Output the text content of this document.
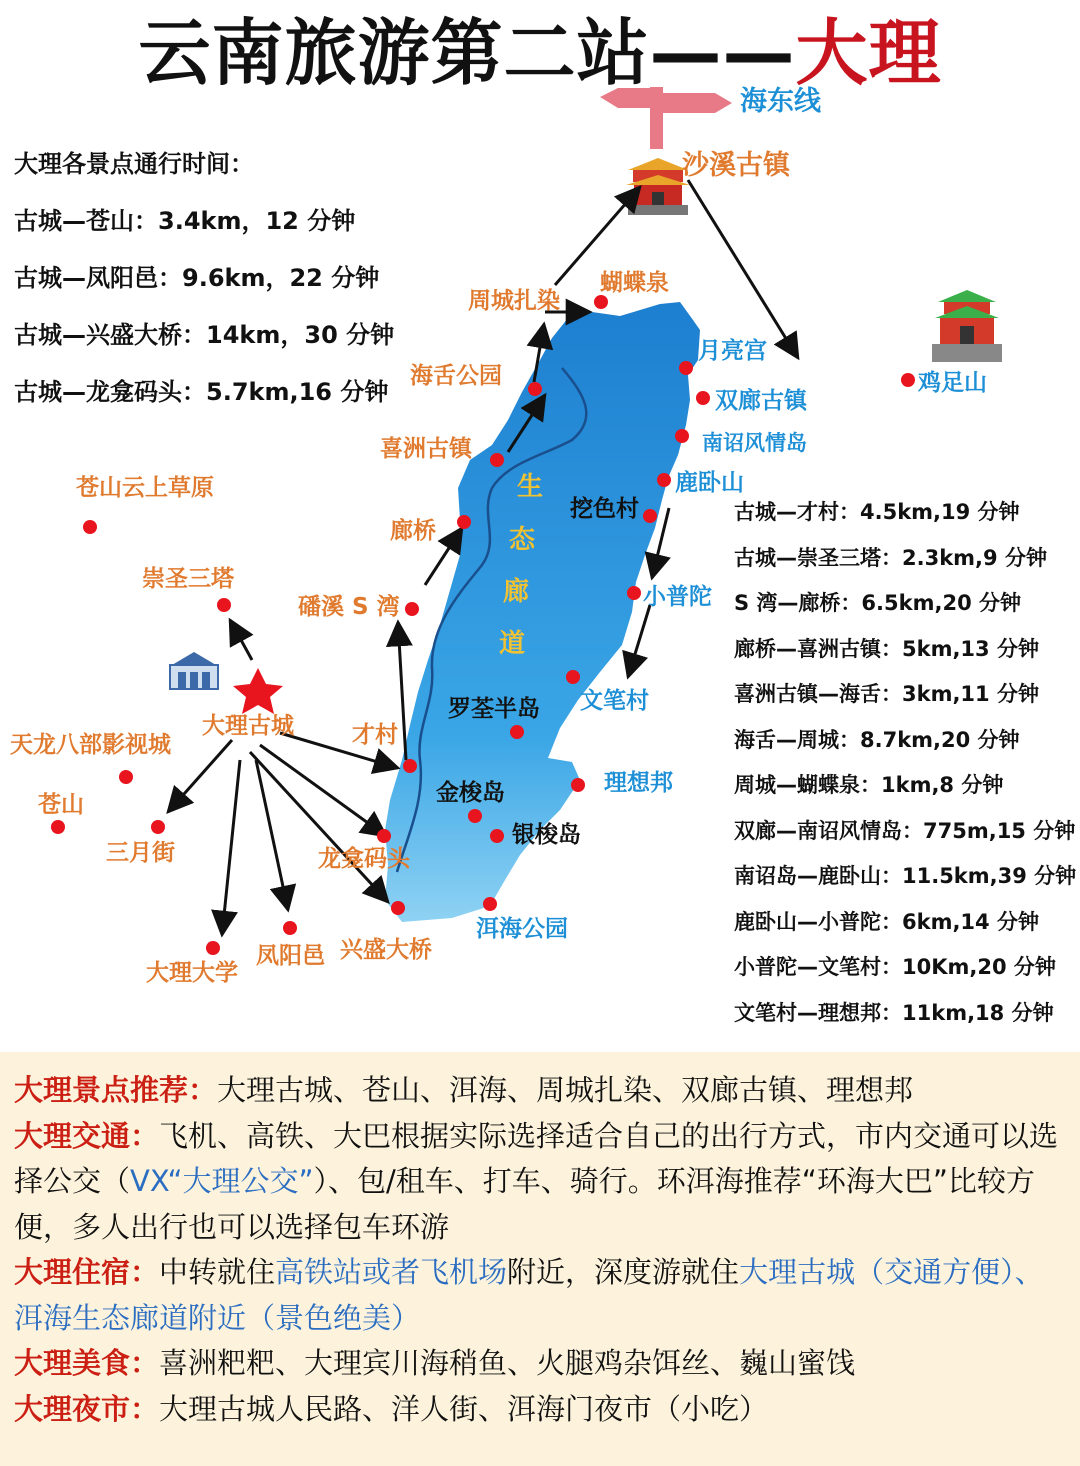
海东线
生
态
廊
道
沙溪古镇
蝴蝶泉
周城扎染
海舌公园
喜洲古镇
苍山云上草原
廊桥
崇圣三塔
磻溪 S 湾
大理古城	才村
天龙八部影视城
苍山
三月街	龙龛码头
兴盛大桥
凤阳邑
大理大学
月亮宫
双廊古镇
鸡足山
南诏风情岛
鹿卧山
小普陀
文笔村
理想邦
洱海公园
挖色村
罗荃半岛
金梭岛
银梭岛
云南旅游第二站——大理
大理各景点通行时间：
古城—苍山：3.4km，12 分钟
古城—凤阳邑：9.6km，22 分钟
古城—兴盛大桥：14km，30 分钟
古城—龙龛码头：5.7km,16 分钟
古城—才村：4.5km,19 分钟
古城—崇圣三塔：2.3km,9 分钟
S 湾—廊桥：6.5km,20 分钟
廊桥—喜洲古镇：5km,13 分钟
喜洲古镇—海舌：3km,11 分钟
海舌—周城：8.7km,20 分钟
周城—蝴蝶泉：1km,8 分钟
双廊—南诏风情岛：775m,15 分钟
南诏岛—鹿卧山：11.5km,39 分钟
鹿卧山—小普陀：6km,14 分钟
小普陀—文笔村：10Km,20 分钟
文笔村—理想邦：11km,18 分钟

大理景点推荐：大理古城、苍山、洱海、周城扎染、双廊古镇、理想邦

大理交通：飞机、高铁、大巴根据实际选择适合自己的出行方式，市内交通可以选择公交（VX“大理公交”）、包/租车、打车、骑行。环洱海推荐“环海大巴”比较方便，多人出行也可以选择包车环游

大理住宿：中转就住高铁站或者飞机场附近，深度游就住大理古城（交通方便）、洱海生态廊道附近（景色绝美）

大理美食：喜洲粑粑、大理宾川海稍鱼、火腿鸡杂饵丝、巍山蜜饯

大理夜市：大理古城人民路、洋人街、洱海门夜市（小吃）
